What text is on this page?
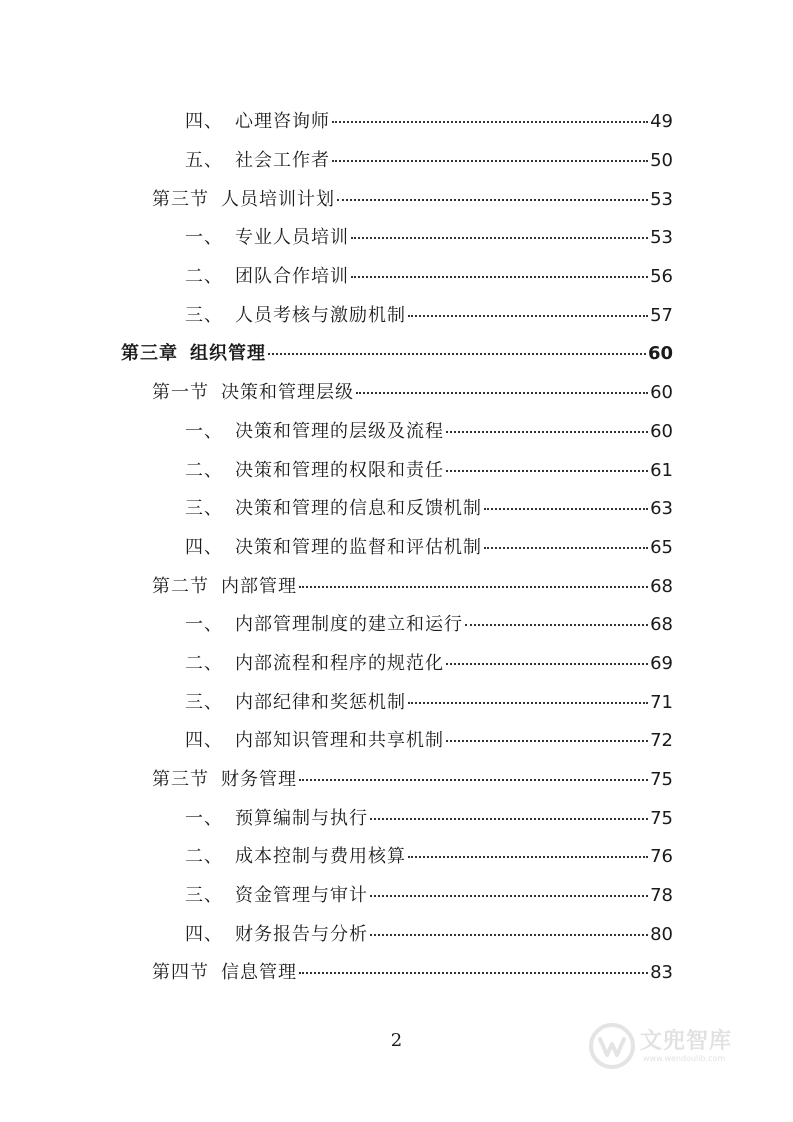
四、 心理咨询师	49
五、 社会工作者	50
第三节 人员培训计划	53
一、 专业人员培训	53
二、 团队合作培训	56
三、 人员考核与激励机制	57
第三章 组织管理	60
第一节 决策和管理层级	60
一、 决策和管理的层级及流程	60
二、 决策和管理的权限和责任	61
三、 决策和管理的信息和反馈机制	63
四、 决策和管理的监督和评估机制	65
第二节 内部管理	68
一、 内部管理制度的建立和运行	68
二、 内部流程和程序的规范化	69
三、 内部纪律和奖惩机制	71
四、 内部知识管理和共享机制	72
第三节 财务管理	75
一、 预算编制与执行	75
二、 成本控制与费用核算	76
三、 资金管理与审计	78
四、 财务报告与分析	80
第四节 信息管理	83
2	文兜智库
www.wendoulib.com
